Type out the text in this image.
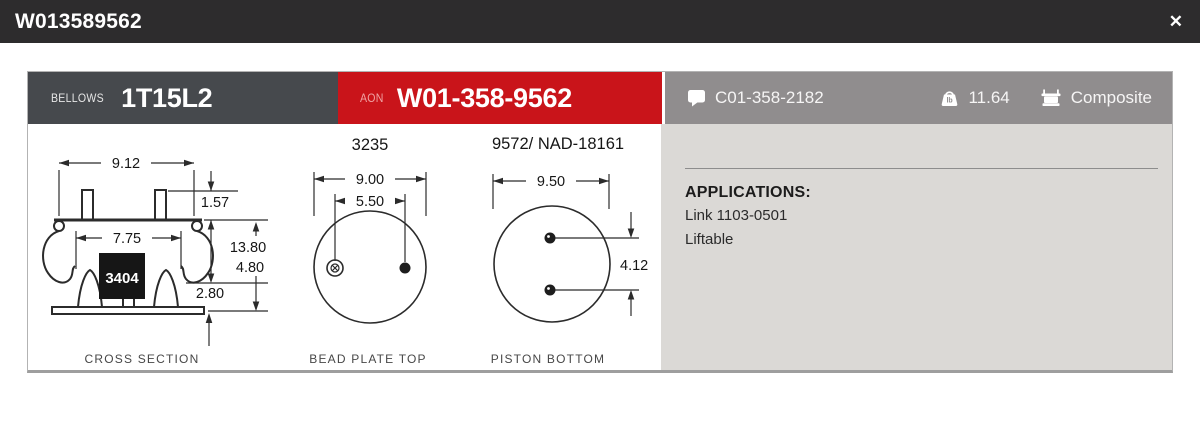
W013589562	✕
BELLOWS 1T15L2	AON W01-358-9562	C01-358-2182	lb 11.64	Composite
3404
9.12
1.57
7.75
13.80
4.80
2.80
CROSS SECTION
3235
9.00
5.50
BEAD PLATE TOP
9572/ NAD-18161
9.50
4.12
PISTON BOTTOM
APPLICATIONS:
Link 1103-0501
Liftable
